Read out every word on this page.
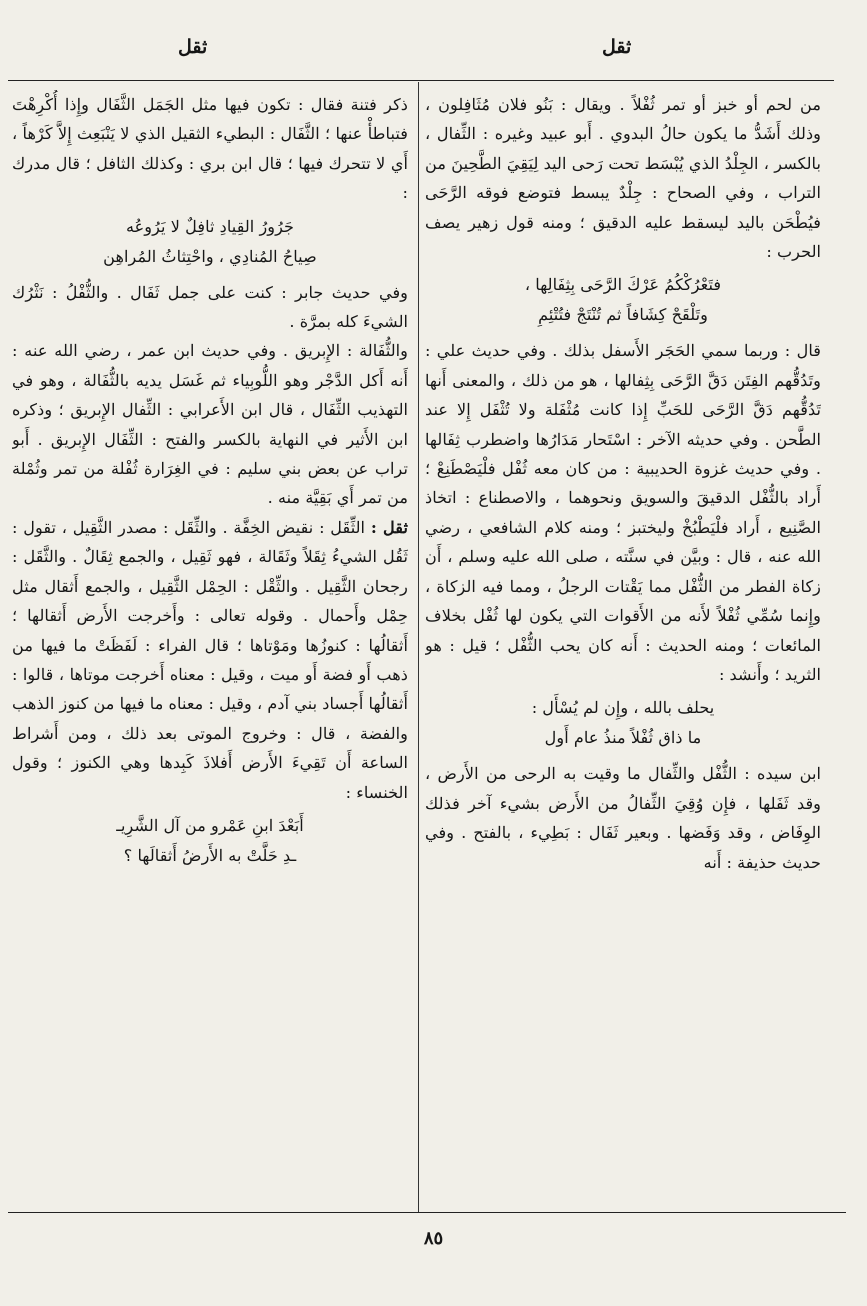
ثقل	ثقل

من لحم أو خبز أو تمر ثُفْلاً . ويقال : بَنُو فلان مُثَافِلون ، وذلك أَشَدُّ ما يكون حالُ البدوي . أَبو عبيد وغيره : الثِّفال ، بالكسر ، الجِلْدُ الذي يُبْسَط تحت رَحى اليد لِيَقِيَ الطَّحِينَ من التراب ، وفي الصحاح : جِلْدٌ يبسط فتوضع فوقه الرَّحَى فيُطْحَن باليد ليسقط عليه الدقيق ؛ ومنه قول زهير يصف الحرب :

فتَعْرُكْكُمُ عَرْكَ الرَّحَى بِثِفَالِها ،
وتَلْقَحْ كِشَافاً ثم تُنْتَجْ فتُتْئِمِ

قال : وربما سمي الحَجَر الأَسفل بذلك . وفي حديث علي : وتَدُقُّهم الفِتَن دَقَّ الرَّحَى بِثِفالها ، هو من ذلك ، والمعنى أَنها تَدُقُّهم دَقَّ الرَّحَى للحَبِّ إِذا كانت مُثْفَلة ولا تُثْفَل إِلا عند الطَّحن . وفي حديثه الآخر : اسْتَحار مَدَارُها واضطرب ثِفَالها . وفي حديث غزوة الحديبية : من كان معه ثُفْل فلْيَصْطَنِعْ ؛ أَراد بالثُّفْل الدقيقَ والسويق ونحوهما ، والاصطناع : اتخاذ الصَّنِيع ، أَراد فلْيَطْبُخْ وليختبز ؛ ومنه كلام الشافعي ، رضي الله عنه ، قال : وبيَّن في سنَّته ، صلى الله عليه وسلم ، أَن زكاة الفطر من الثُّفْل مما يَقْتات الرجلُ ، ومما فيه الزكاة ، وإِنما سُمِّي ثُفْلاً لأَنه من الأَقوات التي يكون لها ثُفْل بخلاف المائعات ؛ ومنه الحديث : أَنه كان يحب الثُّفْل ؛ قيل : هو الثريد ؛ وأَنشد :

يحلف بالله ، وإِن لم يُسْأَل :
ما ذاق ثُفْلاً منذُ عام أَول

ابن سيده : الثُّفْل والثِّفال ما وقيت به الرحى من الأَرض ، وقد ثَفَلها ، فإِن وُقِيَ الثِّفالُ من الأَرض بشيء آخر فذلك الوِفَاض ، وقد وَفَضها . وبعير ثَفَال : بَطِيء ، بالفتح . وفي حديث حذيفة : أَنه

ذكر فتنة فقال : تكون فيها مثل الجَمَل الثَّفَال وإِذا أُكْرِهْتَ فتباطأْ عنها ؛ الثَّفَال : البطيء الثقيل الذي لا يَنْبَعِث إِلاَّ كَرْهاً ، أَي لا تتحرك فيها ؛ قال ابن بري : وكذلك الثافل ؛ قال مدرك :

جَرُورُ القِيادِ ثافِلٌ لا يَرُوعُه
صِياحُ المُنادِي ، واحْتِثاثُ المُراهِن

وفي حديث جابر : كنت على جمل ثَفَال . والثُّفْلُ : نَثْرُك الشيءَ كله بمرَّة .

والثُّفَالة : الإِبريق . وفي حديث ابن عمر ، رضي الله عنه : أَنه أَكل الدَّجْر وهو اللُّوبِياء ثم غَسَل يديه بالثُّفَالة ، وهو في التهذيب الثِّفَال ، قال ابن الأَعرابي : الثِّفال الإِبريق ؛ وذكره ابن الأَثير في النهاية بالكسر والفتح : الثِّفَال الإِبريق . أَبو تراب عن بعض بني سليم : في الغِرَارة ثُفْلة من تمر وثُمْلة من تمر أَي بَقِيَّة منه .

ثقل : الثِّقَل : نقيض الخِفَّة . والثِّقَل : مصدر الثَّقِيل ، تقول : ثَقُل الشيءُ ثِقَلاً وثَقَالة ، فهو ثَقِيل ، والجمع ثِقَالٌ . والثَّقَل : رجحان الثَّقِيل . والثِّقْل : الحِمْل الثَّقِيل ، والجمع أَثقال مثل حِمْل وأَحمال . وقوله تعالى : وأَخرجت الأَرض أَثقالها ؛ أَثقالُها : كنوزُها ومَوْتاها ؛ قال الفراء : لَفَظَتْ ما فيها من ذهب أَو فضة أَو ميت ، وقيل : معناه أَخرجت موتاها ، قالوا : أَثقالُها أَجساد بني آدم ، وقيل : معناه ما فيها من كنوز الذهب والفضة ، قال : وخروج الموتى بعد ذلك ، ومن أَشراط الساعة أَن تَقِيءَ الأَرض أَفلاذَ كَبِدها وهي الكنوز ؛ وقول الخنساء :

أَبَعْدَ ابنِ عَمْرو من آل الشَّرِيـ
ـدِ حَلَّتْ به الأَرضُ أَثقالَها ؟
٨٥
